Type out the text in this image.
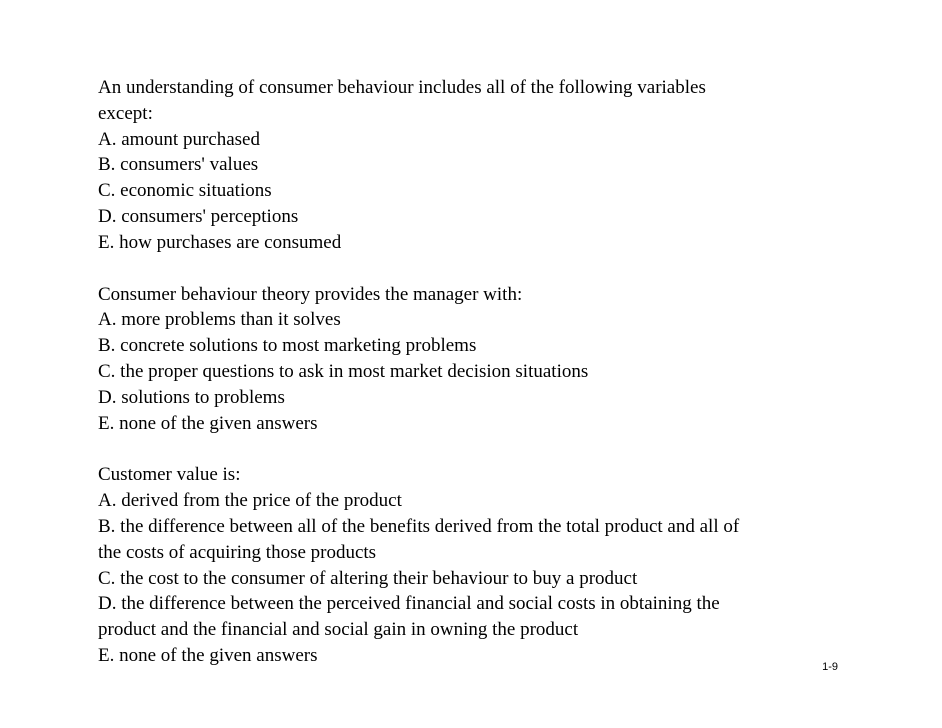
An understanding of consumer behaviour includes all of the following variables
except:
A. amount purchased
B. consumers' values
C. economic situations
D. consumers' perceptions
E. how purchases are consumed
Consumer behaviour theory provides the manager with:
A. more problems than it solves
B. concrete solutions to most marketing problems
C. the proper questions to ask in most market decision situations
D. solutions to problems
E. none of the given answers
Customer value is:
A. derived from the price of the product
B. the difference between all of the benefits derived from the total product and all of
the costs of acquiring those products
C. the cost to the consumer of altering their behaviour to buy a product
D. the difference between the perceived financial and social costs in obtaining the
product and the financial and social gain in owning the product
E. none of the given answers
1-9
